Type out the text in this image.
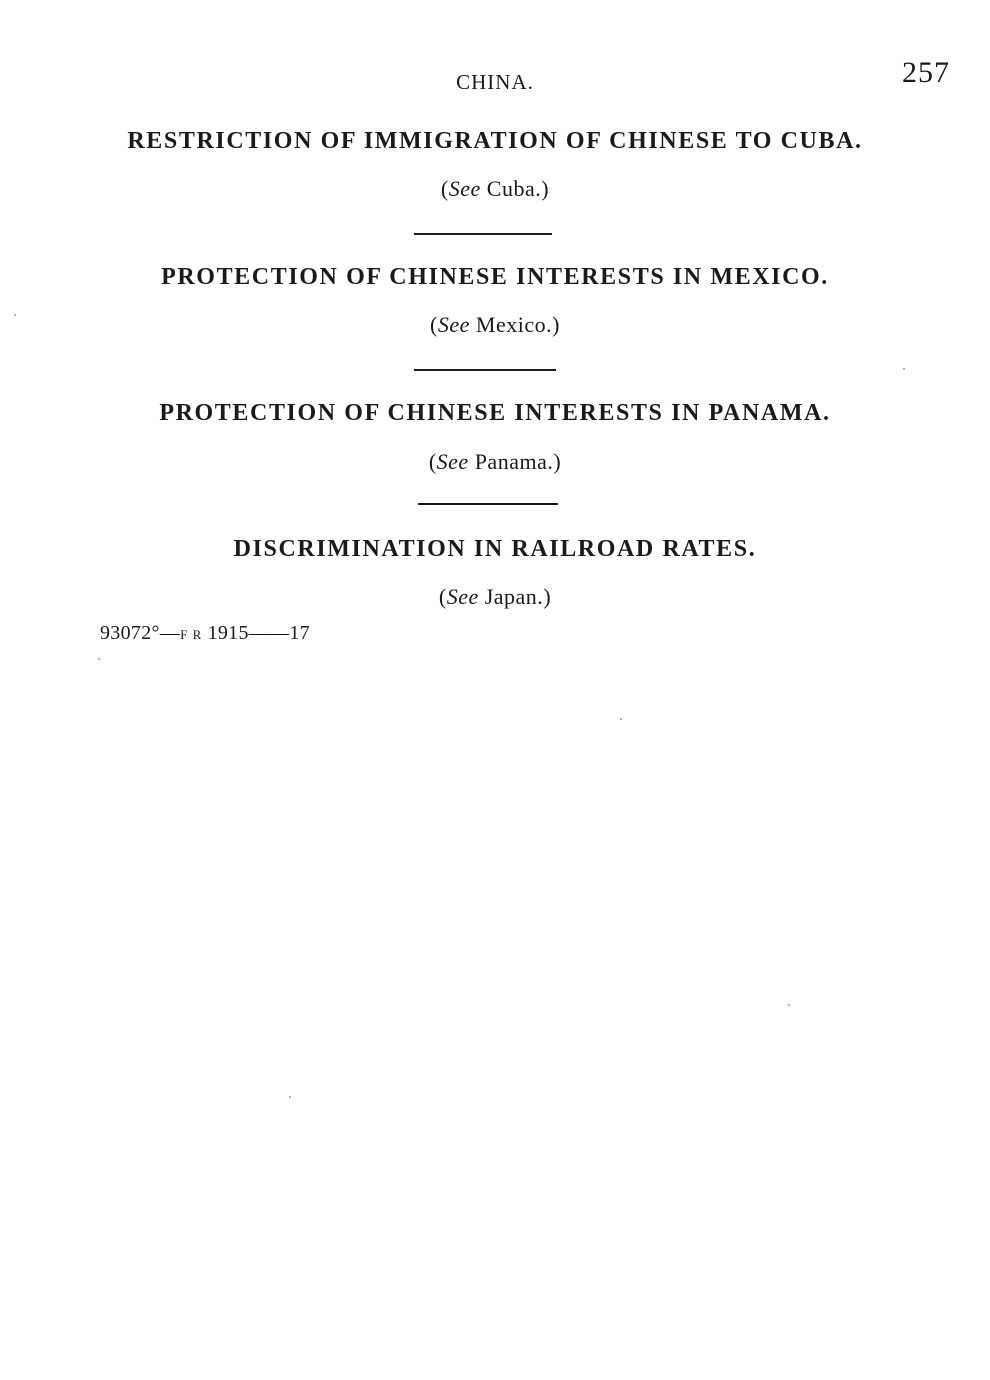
CHINA.	257
RESTRICTION OF IMMIGRATION OF CHINESE TO CUBA.
(See Cuba.)
PROTECTION OF CHINESE INTERESTS IN MEXICO.
(See Mexico.)
PROTECTION OF CHINESE INTERESTS IN PANAMA.
(See Panama.)
DISCRIMINATION IN RAILROAD RATES.
(See Japan.)
93072°—F R 1915——17
